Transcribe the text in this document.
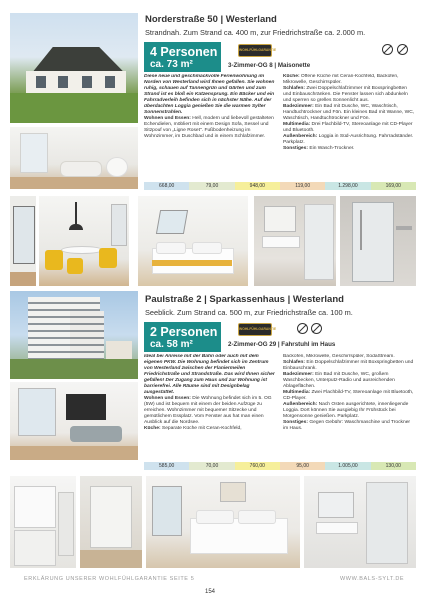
Norderstraße 50 | Westerland
Strandnah. Zum Strand ca. 400 m, zur Friedrichstraße ca. 2.000 m.
4 Personen
ca. 73 m²
WOHLFÜHLGARANTIE
3-Zimmer-OG 8 | Maisonette

Diese neue und geschmackvolle Ferienwohnung im Norden von Westerland wird Ihnen gefallen. Sie wohnen ruhig, schauen auf Tannengrün und Gärten und zum Strand ist es bloß ein Katzensprung. Ein Bäcker und ein Fahrradverleih befinden sich in nächster Nähe. Auf der überdachten Loggia genießen Sie die warmen Sylter Sonnenstrahlen.

Wohnen und Essen: Hell, modern und liebevoll gestalteten Echendielen, möbliert mit einem Design Sofa, Sessel und Sitzpouf von „Ligne Roset". Fußbodenheizung im Wohnzimmer, im Duschbad und in einem Schlafzimmer.

Küche: Offene Küche mit Ceran-Kochfeld, Backofen, Mikrowelle, Geschirrspüler.

Schlafen: Zwei Doppelschlafzimmer mit Boxspringbetten und Einbauschränken. Die Fenster lassen sich abdunkeln und sperren so grelles Sonnenlicht aus.

Badezimmer: Ein Bad mit Dusche, WC, Waschtisch, Handtuchtrockner und Fön. Ein kleines Bad mit Wanne, WC, Waschtisch, Handtuchtrockner und Fön.

Multimedia: Drei Flachbild-TV, Stereoanlage mit CD-Player und Bluetooth.

Außenbereich: Loggia in Süd-Ausrichtung. Fahrradständer. Parkplatz.

Sonstiges: Ein Wasch-Trockner.

668,00	79,00	948,00	119,00	1.298,00	169,00
Paulstraße 2 | Sparkassenhaus | Westerland
Seeblick. Zum Strand ca. 500 m, zur Friedrichstraße ca. 100 m.
2 Personen
ca. 58 m²
WOHLFÜHLGARANTIE
2-Zimmer-OG 29 | Fahrstuhl im Haus

Ideal bei Anreise mit der Bahn oder auch mit dem eigenen PKW. Die Wohnung befindet sich im Zentrum von Westerland zwischen der Flaniermeilen Friedrichstraße und Strandstraße. Das wird Ihnen sicher gefallen! Der Zugang zum Haus und zur Wohnung ist barrierefrei. Alle Räume sind mit Designbelag ausgestattet.

Wohnen und Essen: Die Wohnung befindet sich im 5. OG (5W) und ist bequem mit einem der beiden Aufzüge zu erreichen. Wohnzimmer mit bequemer Sitzecke und gemütlichem Essplatz. Vom Fenster aus hat man einen Ausblick auf die Nordsee.

Küche: Separate Küche mit Ceran-Kochfeld,

Backofen, Mikrowelle, Geschirrspüler, SodaStream.

Schlafen: Ein Doppelschlafzimmer mit Boxspringbetten und Einbauschrank.

Badezimmer: Ein Bad mit Dusche, WC, großem Waschbecken, Unterputz-Radio und ausreichenden Ablageflächen.

Multimedia: Zwei Flachbild-TV, Stereoanlage mit Bluetooth, CD-Player.

Außenbereich: Nach Osten ausgerichtete, innenliegende Loggia. Dort können Sie ausgiebig Ihr Frühstück bei Morgensonne genießen. Parkplatz.

Sonstiges: Gegen Gebühr: Waschmaschine und Trockner im Haus.

585,00	70,00	760,00	95,00	1.005,00	130,00
ERKLÄRUNG UNSERER WOHLFÜHLGARANTIE SEITE 5	WWW.BALS-SYLT.DE
154
